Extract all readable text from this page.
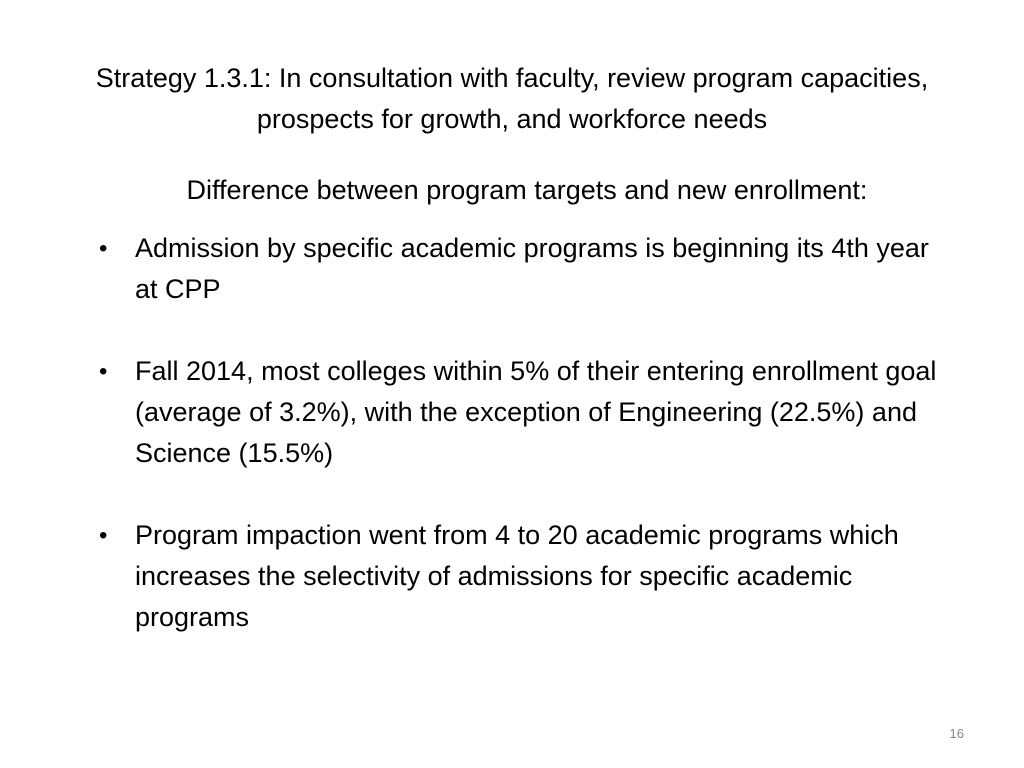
Strategy 1.3.1: In consultation with faculty, review program capacities, prospects for growth, and workforce needs
Difference between program targets and new enrollment:
• Admission by specific academic programs is beginning its 4th year at CPP
• Fall 2014, most colleges within 5% of their entering enrollment goal (average of 3.2%), with the exception of Engineering (22.5%) and Science (15.5%)
• Program impaction went from 4 to 20 academic programs which increases the selectivity of admissions for specific academic programs
16
